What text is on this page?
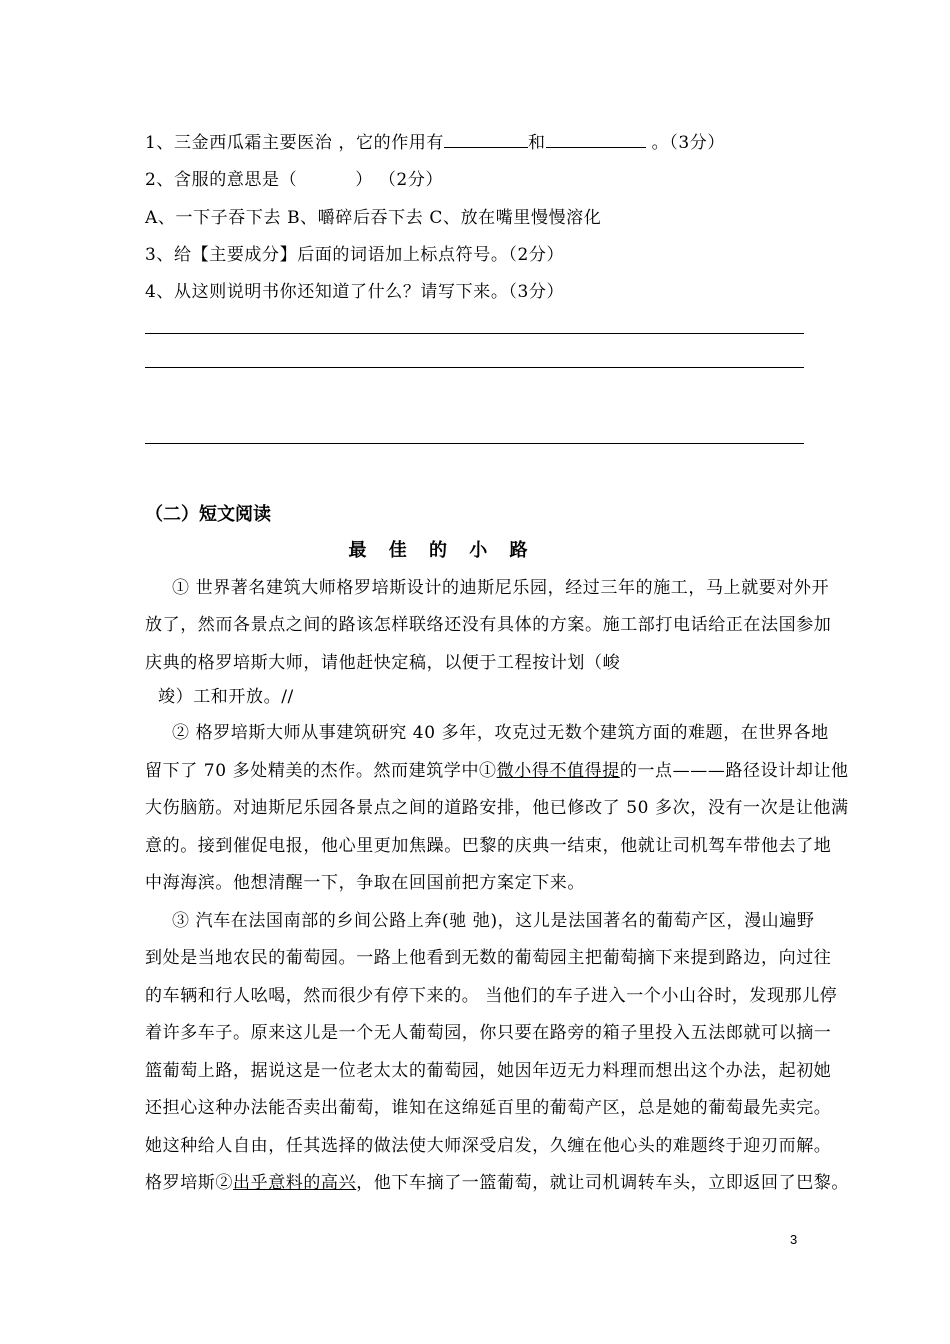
1、三金西瓜霜主要医治 ，它的作用有	和	。（3分）
2、含服的意思是（	） （2分）
A、一下子吞下去 B、嚼碎后吞下去 C、放在嘴里慢慢溶化
3、给【主要成分】后面的词语加上标点符号。（2分）
4、从这则说明书你还知道了什么？请写下来。（3分）
（二）短文阅读
最 佳 的 小 路
① 世界著名建筑大师格罗培斯设计的迪斯尼乐园，经过三年的施工，马上就要对外开
放了，然而各景点之间的路该怎样联络还没有具体的方案。施工部打电话给正在法国参加
庆典的格罗培斯大师，请他赶快定稿，以便于工程按计划（峻
竣）工和开放。//
② 格罗培斯大师从事建筑研究 40 多年，攻克过无数个建筑方面的难题，在世界各地
留下了 70 多处精美的杰作。然而建筑学中①微小得不值得提的一点———路径设计却让他
大伤脑筋。对迪斯尼乐园各景点之间的道路安排，他已修改了 50 多次，没有一次是让他满
意的。接到催促电报，他心里更加焦躁。巴黎的庆典一结束，他就让司机驾车带他去了地
中海海滨。他想清醒一下，争取在回国前把方案定下来。
③ 汽车在法国南部的乡间公路上奔(驰 弛)，这儿是法国著名的葡萄产区，漫山遍野
到处是当地农民的葡萄园。一路上他看到无数的葡萄园主把葡萄摘下来提到路边，向过往
的车辆和行人吆喝，然而很少有停下来的。 当他们的车子进入一个小山谷时，发现那儿停
着许多车子。原来这儿是一个无人葡萄园，你只要在路旁的箱子里投入五法郎就可以摘一
篮葡萄上路，据说这是一位老太太的葡萄园，她因年迈无力料理而想出这个办法，起初她
还担心这种办法能否卖出葡萄，谁知在这绵延百里的葡萄产区，总是她的葡萄最先卖完。
她这种给人自由，任其选择的做法使大师深受启发，久缠在他心头的难题终于迎刃而解。
格罗培斯②出乎意料的高兴，他下车摘了一篮葡萄，就让司机调转车头，立即返回了巴黎。
3
